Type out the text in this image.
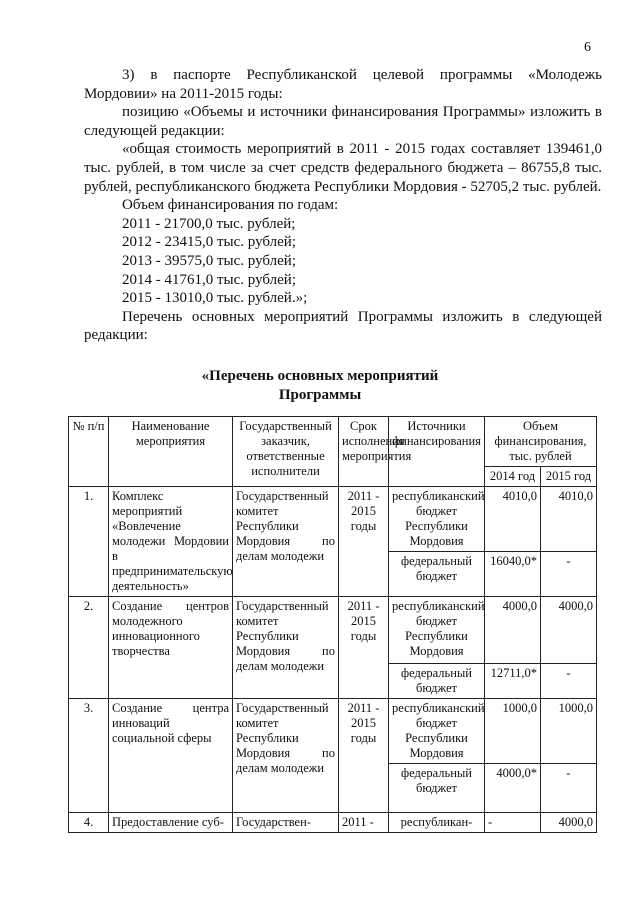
6

3) в паспорте Республиканской целевой программы «Молодежь Мордовии» на 2011-2015 годы:

позицию «Объемы и источники финансирования Программы» изложить в следующей редакции:

«общая стоимость мероприятий в 2011 - 2015 годах составляет 139461,0 тыс. рублей, в том числе за счет средств федерального бюджета – 86755,8 тыс. рублей, республиканского бюджета Республики Мордовия - 52705,2 тыс. рублей.

Объем финансирования по годам:

2011 - 21700,0 тыс. рублей;

2012 - 23415,0 тыс. рублей;

2013 - 39575,0 тыс. рублей;

2014 - 41761,0 тыс. рублей;

2015 - 13010,0 тыс. рублей.»;

Перечень основных мероприятий Программы изложить в следующей редакции:

«Перечень основных мероприятий
Программы
№ п/п	Наименование мероприятия	Государственный заказчик, ответственные исполнители	Срок исполнения мероприятия	Источники финансирования	Объем финансирования, тыс. рублей	
					2014 год	2015 год
1.	Комплекс мероприятий «Вовлечение молодежи Мордовии в предпринимательскую деятельность»	Государственный комитет Республики Мордовия по делам молодежи	2011 - 2015 годы	республиканский бюджет Республики Мордовия	4010,0	4010,0
				федеральный бюджет	16040,0*	-
2.	Создание центров молодежного инновационного творчества	Государственный комитет Республики Мордовия по делам молодежи	2011 - 2015 годы	республиканский бюджет Республики Мордовия	4000,0	4000,0
				федеральный бюджет	12711,0*	-
3.	Создание центра инноваций социальной сферы	Государственный комитет Республики Мордовия по делам молодежи	2011 - 2015 годы	республиканский бюджет Республики Мордовия	1000,0	1000,0
				федеральный бюджет	4000,0*	-
4.	Предоставление суб-	Государствен-	2011 -	республикан-	-	4000,0
